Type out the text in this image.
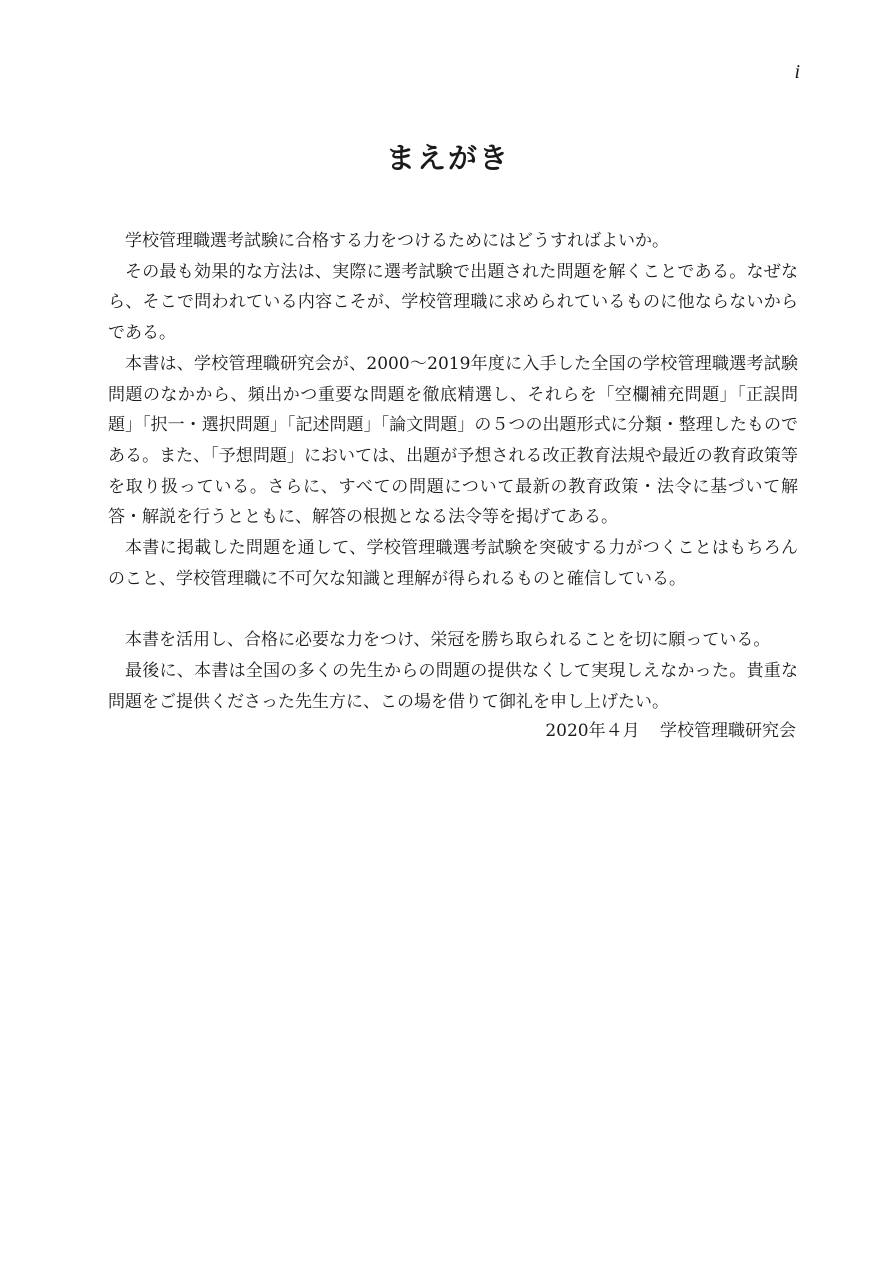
i
まえがき

学校管理職選考試験に合格する力をつけるためにはどうすればよいか。

その最も効果的な方法は、実際に選考試験で出題された問題を解くことである。なぜなら、そこで問われている内容こそが、学校管理職に求められているものに他ならないからである。

本書は、学校管理職研究会が、2000～2019年度に入手した全国の学校管理職選考試験問題のなかから、頻出かつ重要な問題を徹底精選し、それらを「空欄補充問題」「正誤問題」「択一・選択問題」「記述問題」「論文問題」の５つの出題形式に分類・整理したものである。また、「予想問題」においては、出題が予想される改正教育法規や最近の教育政策等を取り扱っている。さらに、すべての問題について最新の教育政策・法令に基づいて解答・解説を行うとともに、解答の根拠となる法令等を掲げてある。

本書に掲載した問題を通して、学校管理職選考試験を突破する力がつくことはもちろんのこと、学校管理職に不可欠な知識と理解が得られるものと確信している。

本書を活用し、合格に必要な力をつけ、栄冠を勝ち取られることを切に願っている。

最後に、本書は全国の多くの先生からの問題の提供なくして実現しえなかった。貴重な問題をご提供くださった先生方に、この場を借りて御礼を申し上げたい。

2020年４月 学校管理職研究会
